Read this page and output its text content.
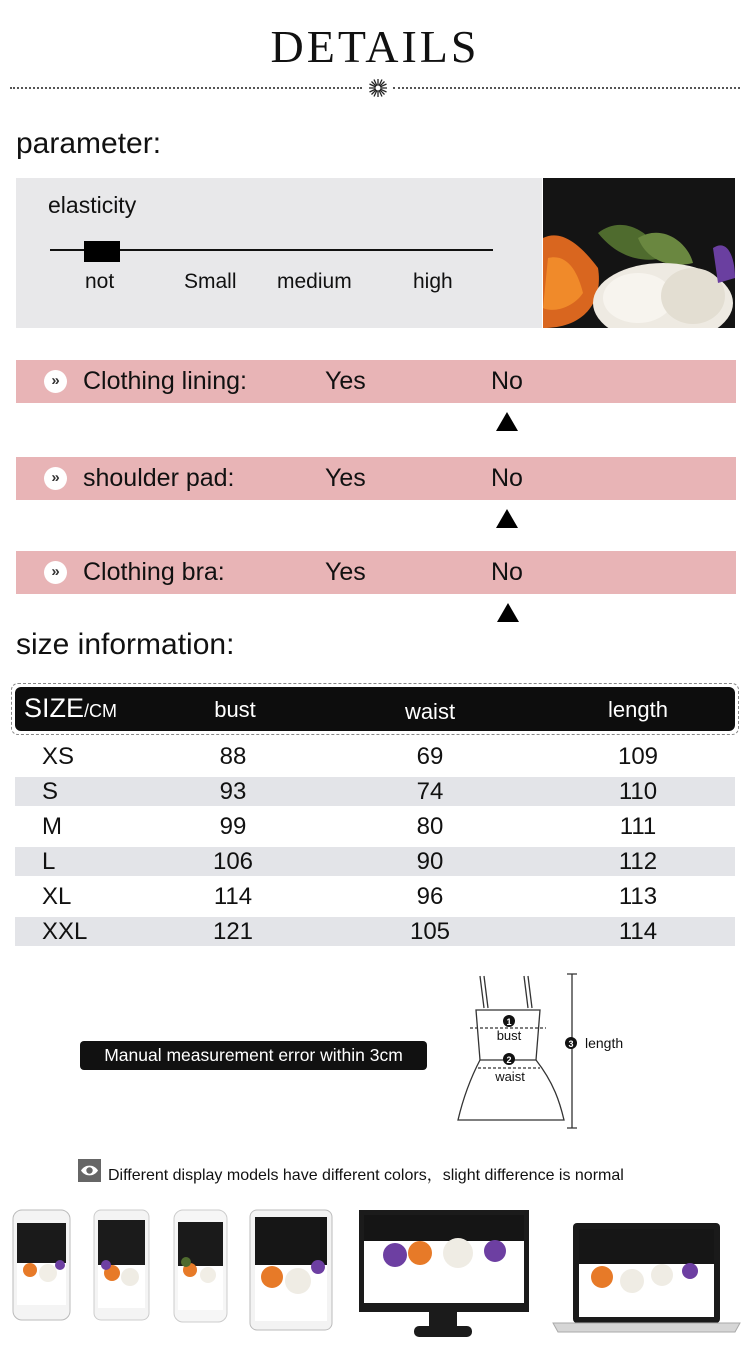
DETAILS
parameter:
elasticity
not	Small medium	high
» Clothing lining:	Yes	No
» shoulder pad:	Yes	No
» Clothing bra:	Yes	No
size information:
SIZE/CM	bust	waist	length
XS	88	69	109
S	93	74	110
M	99	80	111
L	106	90	112
XL	114	96	113
XXL	121	105	114
Manual measurement error within 3cm
1
bust
2
waist
3 length
Different display models have different colors，slight difference is normal
